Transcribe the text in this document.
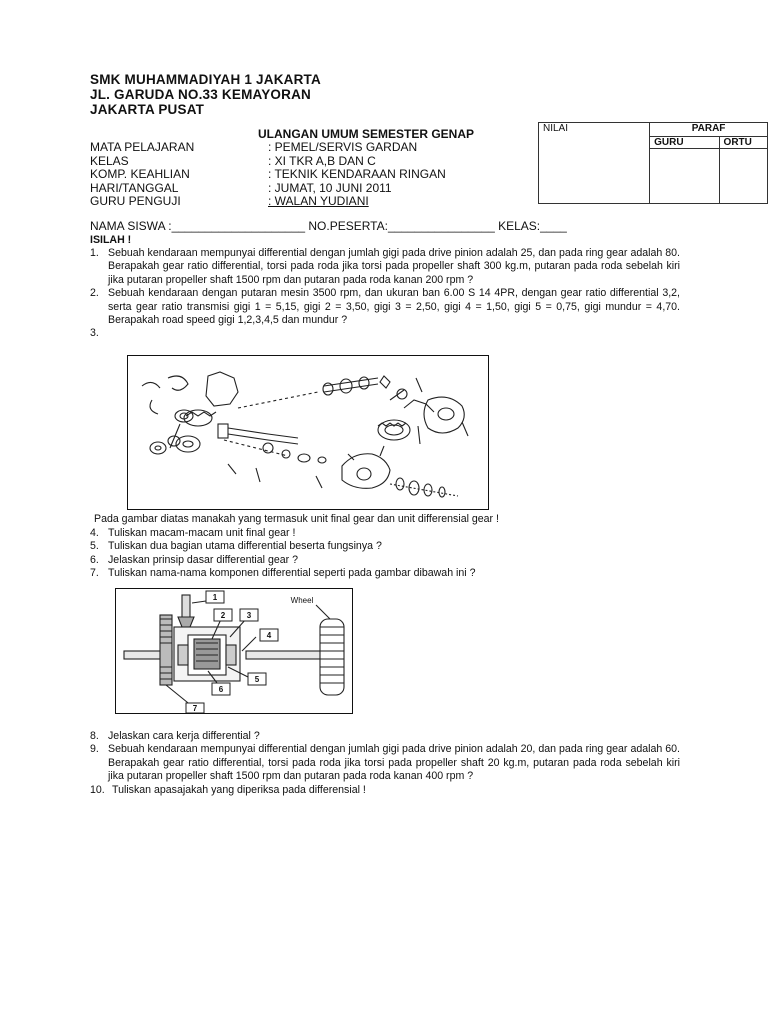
SMK MUHAMMADIYAH 1 JAKARTA
JL. GARUDA NO.33 KEMAYORAN
JAKARTA PUSAT
ULANGAN UMUM SEMESTER GENAP
MATA PELAJARAN	: PEMEL/SERVIS GARDAN
KELAS	: XI TKR A,B DAN C
KOMP. KEAHLIAN	: TEKNIK KENDARAAN RINGAN
HARI/TANGGAL	: JUMAT, 10 JUNI 2011
GURU PENGUJI	: WALAN YUDIANI
NILAI	PARAF	
	GURU	ORTU

NAMA SISWA :____________________ NO.PESERTA:________________ KELAS:____
ISILAH !
1. Sebuah kendaraan mempunyai differential dengan jumlah gigi pada drive pinion adalah 25, dan pada ring gear adalah 80. Berapakah gear ratio differential, torsi pada roda jika torsi pada propeller shaft 300 kg.m, putaran pada roda sebelah kiri jika putaran propeller shaft 1500 rpm dan putaran pada roda kanan 200 rpm ?
2. Sebuah kendaraan dengan putaran mesin 3500 rpm, dan ukuran ban 6.00 S 14 4PR, dengan gear ratio differential 3,2, serta gear ratio transmisi gigi 1 = 5,15, gigi 2 = 3,50, gigi 3 = 2,50, gigi 4 = 1,50, gigi 5 = 0,75, gigi mundur = 4,70. Berapakah road speed gigi 1,2,3,4,5 dan mundur ?
3.
Pada gambar diatas manakah yang termasuk unit final gear dan unit differensial gear !
4. Tuliskan macam-macam unit final gear !
5. Tuliskan dua bagian utama differential beserta fungsinya ?
6. Jelaskan prinsip dasar differential gear ?
7. Tuliskan nama-nama komponen differential seperti pada gambar dibawah ini ?
1
2	3
4
5
6
7
Wheel
8. Jelaskan cara kerja differential ?
9. Sebuah kendaraan mempunyai differential dengan jumlah gigi pada drive pinion adalah 20, dan pada ring gear adalah 60. Berapakah gear ratio differential, torsi pada roda jika torsi pada propeller shaft 20 kg.m, putaran pada roda sebelah kiri jika putaran propeller shaft 1500 rpm dan putaran pada roda kanan 400 rpm ?
10. Tuliskan apasajakah yang diperiksa pada differensial !
